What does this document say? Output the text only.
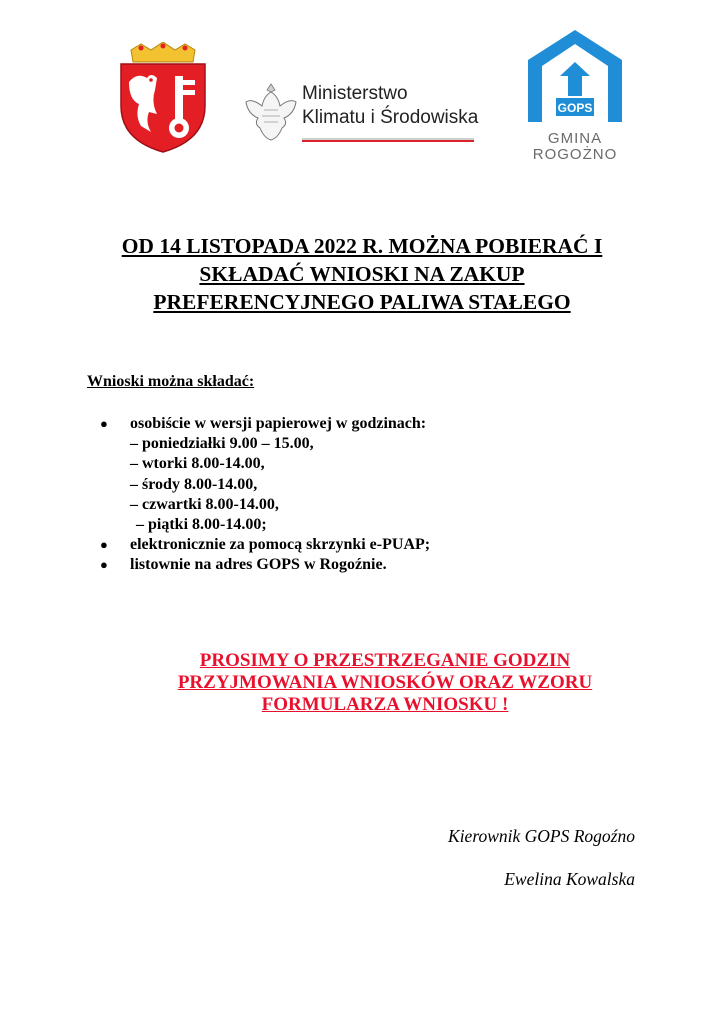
Ministerstwo
Klimatu i Środowiska	GOPS
GMINA
ROGOŻNO
OD 14 LISTOPADA 2022 R. MOŻNA POBIERAĆ I
SKŁADAĆ WNIOSKI NA ZAKUP
PREFERENCYJNEGO PALIWA STAŁEGO
Wnioski można składać:
●	osobiście w wersji papierowej w godzinach:
– poniedziałki 9.00 – 15.00,
– wtorki 8.00-14.00,
– środy 8.00-14.00,
– czwartki 8.00-14.00,
– piątki 8.00-14.00;
●	elektronicznie za pomocą skrzynki e-PUAP;
●	listownie na adres GOPS w Rogoźnie.
PROSIMY O PRZESTRZEGANIE GODZIN
PRZYJMOWANIA WNIOSKÓW ORAZ WZORU
FORMULARZA WNIOSKU !
Kierownik GOPS Rogoźno
Ewelina Kowalska
